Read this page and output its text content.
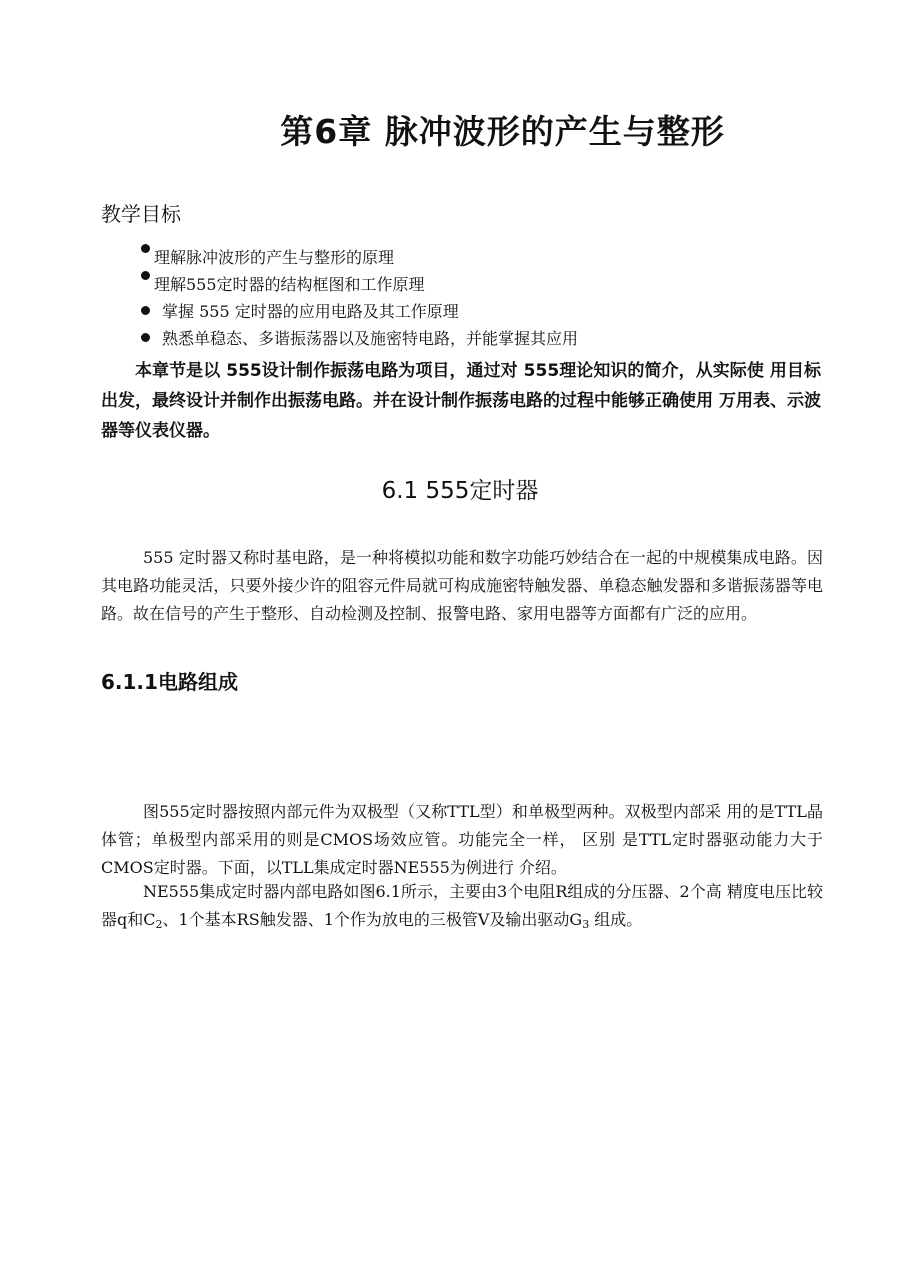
第6章 脉冲波形的产生与整形
教学目标
理解脉冲波形的产生与整形的原理
理解555定时器的结构框图和工作原理
掌握 555 定时器的应用电路及其工作原理
熟悉单稳态、多谐振荡器以及施密特电路，并能掌握其应用

本章节是以 555设计制作振荡电路为项目，通过对 555理论知识的简介，从实际使 用目标出发，最终设计并制作出振荡电路。并在设计制作振荡电路的过程中能够正确使用 万用表、示波器等仪表仪器。

6.1 555定时器

555 定时器又称时基电路，是一种将模拟功能和数字功能巧妙结合在一起的中规模集成电路。因其电路功能灵活，只要外接少许的阻容元件局就可构成施密特触发器、单稳态触发器和多谐振荡器等电路。故在信号的产生于整形、自动检测及控制、报警电路、家用电器等方面都有广泛的应用。

6.1.1电路组成

图555定时器按照内部元件为双极型（又称TTL型）和单极型两种。双极型内部采 用的是TTL晶体管；单极型内部采用的则是CMOS场效应管。功能完全一样， 区别 是TTL定时器驱动能力大于CMOS定时器。下面，以TLL集成定时器NE555为例进行 介绍。

NE555集成定时器内部电路如图6.1所示，主要由3个电阻R组成的分压器、2个高 精度电压比较器q和$C_2$、1个基本RS触发器、1个作为放电的三极管V及输出驱动$G_3$ 组成。
